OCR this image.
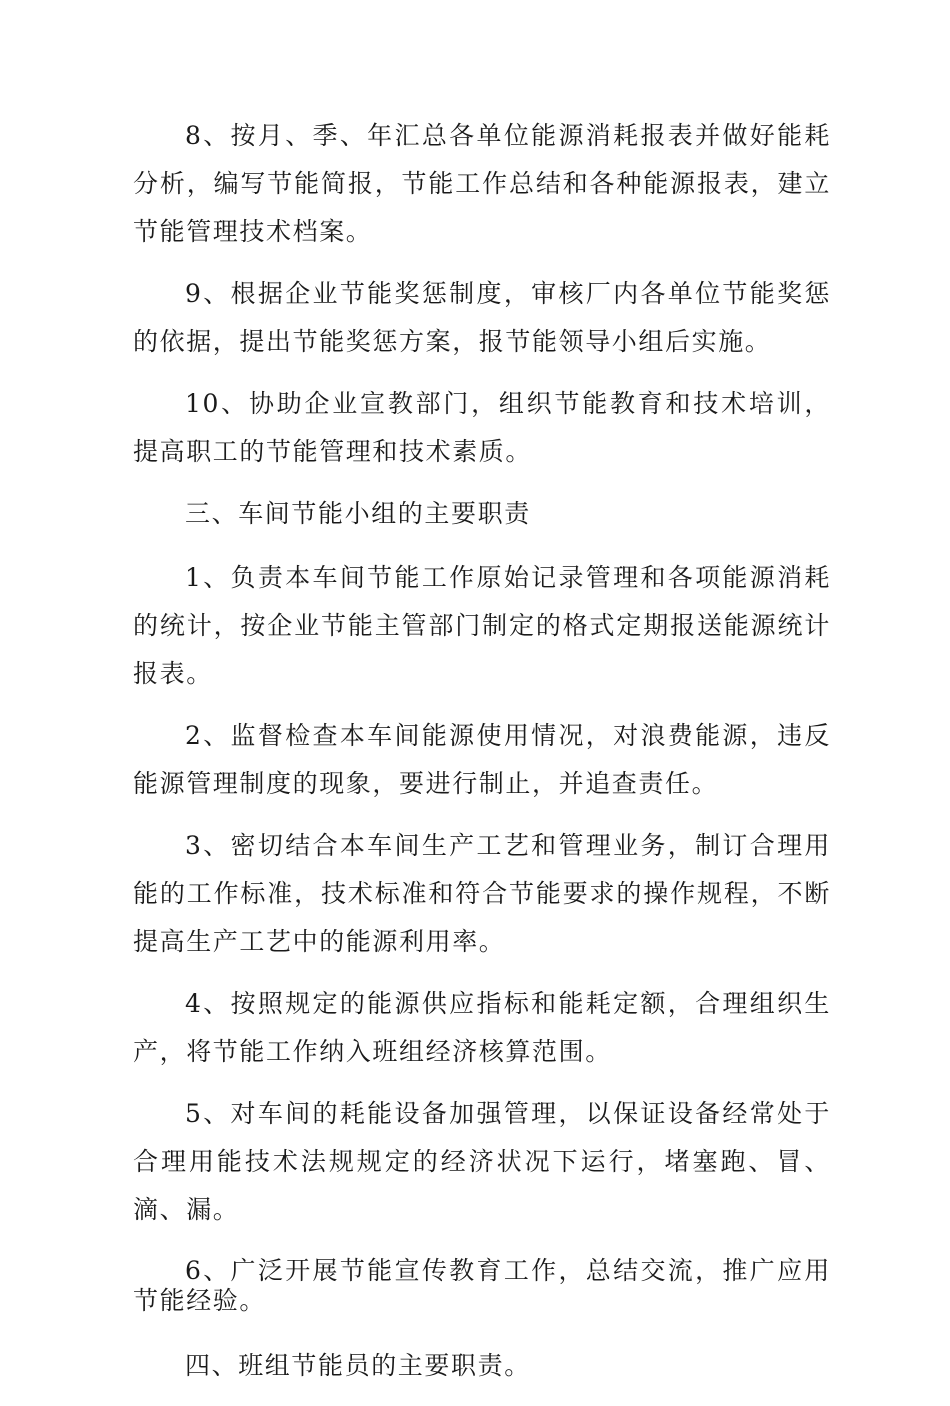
8、按月、季、年汇总各单位能源消耗报表并做好能耗分析，编写节能简报，节能工作总结和各种能源报表，建立节能管理技术档案。

9、根据企业节能奖惩制度，审核厂内各单位节能奖惩的依据，提出节能奖惩方案，报节能领导小组后实施。

10、协助企业宣教部门，组织节能教育和技术培训，提高职工的节能管理和技术素质。

三、车间节能小组的主要职责

1、负责本车间节能工作原始记录管理和各项能源消耗的统计，按企业节能主管部门制定的格式定期报送能源统计报表。

2、监督检查本车间能源使用情况，对浪费能源，违反能源管理制度的现象，要进行制止，并追查责任。

3、密切结合本车间生产工艺和管理业务，制订合理用能的工作标准，技术标准和符合节能要求的操作规程，不断提高生产工艺中的能源利用率。

4、按照规定的能源供应指标和能耗定额，合理组织生产，将节能工作纳入班组经济核算范围。

5、对车间的耗能设备加强管理，以保证设备经常处于合理用能技术法规规定的经济状况下运行，堵塞跑、冒、滴、漏。

6、广泛开展节能宣传教育工作，总结交流，推广应用节能经验。

四、班组节能员的主要职责。
